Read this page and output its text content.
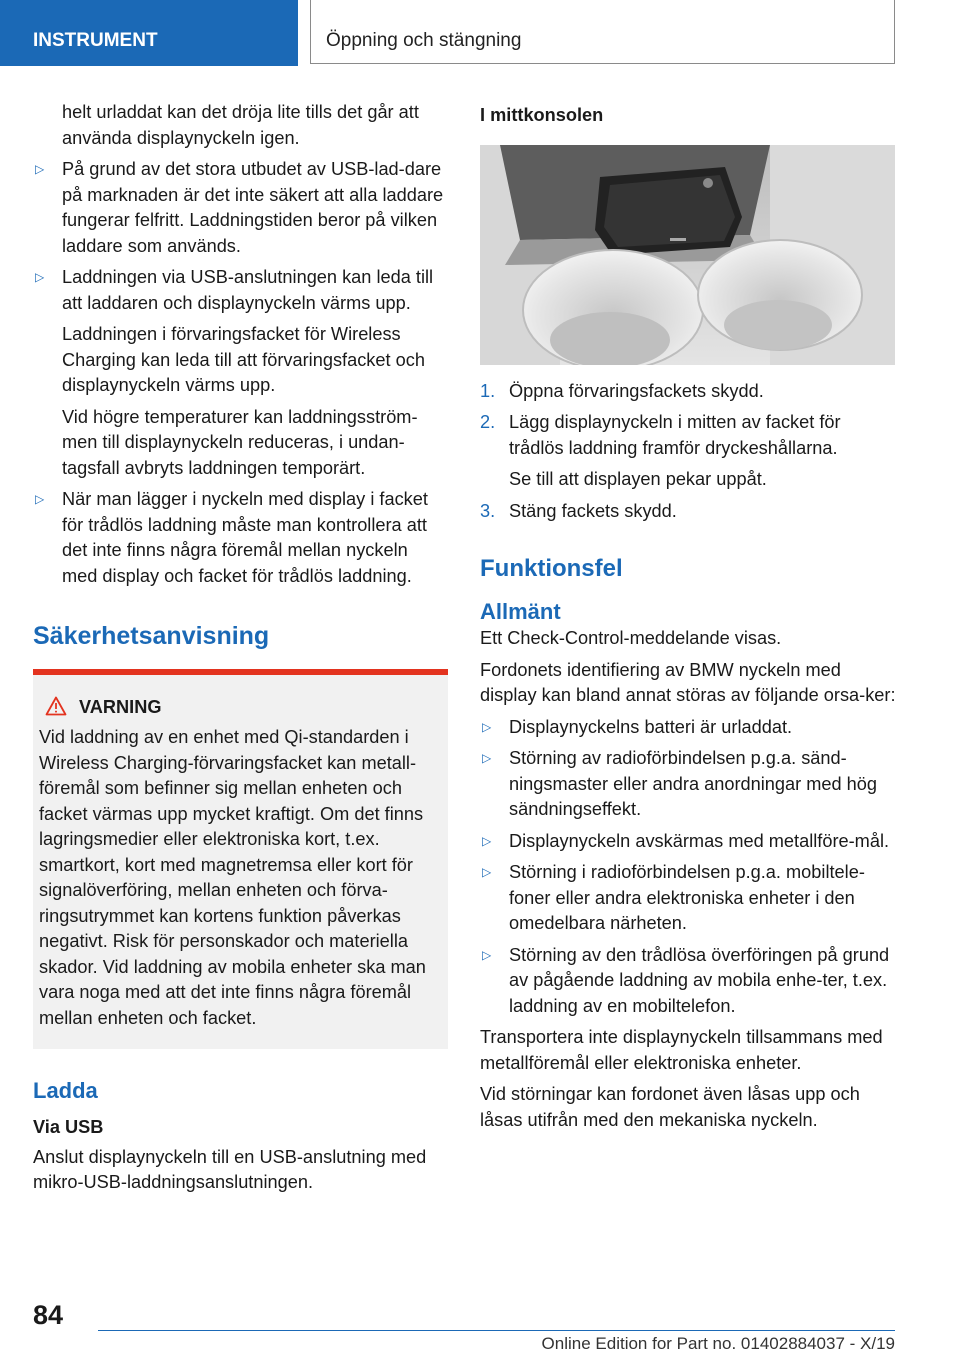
INSTRUMENT	Öppning och stängning

helt urladdat kan det dröja lite tills det går att använda displaynyckeln igen.

▷ På grund av det stora utbudet av USB-lad-dare på marknaden är det inte säkert att alla laddare fungerar felfritt. Laddningstiden beror på vilken laddare som används.
▷ Laddningen via USB-anslutningen kan leda till att laddaren och displaynyckeln värms upp.

Laddningen i förvaringsfacket för Wireless Charging kan leda till att förvaringsfacket och displaynyckeln värms upp.

Vid högre temperaturer kan laddningsström-men till displaynyckeln reduceras, i undan-tagsfall avbryts laddningen temporärt.

▷ När man lägger i nyckeln med display i facket för trådlös laddning måste man kontrollera att det inte finns några föremål mellan nyckeln med display och facket för trådlös laddning.
Säkerhetsanvisning
VARNING
Vid laddning av en enhet med Qi-standarden i Wireless Charging-förvaringsfacket kan metall-föremål som befinner sig mellan enheten och facket värmas upp mycket kraftigt. Om det finns lagringsmedier eller elektroniska kort, t.ex. smartkort, kort med magnetremsa eller kort för signalöverföring, mellan enheten och förva-ringsutrymmet kan kortens funktion påverkas negativt. Risk för personskador och materiella skador. Vid laddning av mobila enheter ska man vara noga med att det inte finns några föremål mellan enheten och facket.
Ladda
Via USB

Anslut displaynyckeln till en USB-anslutning med mikro-USB-laddningsanslutningen.

I mittkonsolen
1. Öppna förvaringsfackets skydd.
2. Lägg displaynyckeln i mitten av facket för trådlös laddning framför dryckeshållarna.

Se till att displayen pekar uppåt.

3. Stäng fackets skydd.
Funktionsfel
Allmänt

Ett Check-Control-meddelande visas.

Fordonets identifiering av BMW nyckeln med display kan bland annat störas av följande orsa-ker:

▷ Displaynyckelns batteri är urladdat.
▷ Störning av radioförbindelsen p.g.a. sänd-ningsmaster eller andra anordningar med hög sändningseffekt.
▷ Displaynyckeln avskärmas med metallföre-mål.
▷ Störning i radioförbindelsen p.g.a. mobiltele-foner eller andra elektroniska enheter i den omedelbara närheten.
▷ Störning av den trådlösa överföringen på grund av pågående laddning av mobila enhe-ter, t.ex. laddning av en mobiltelefon.

Transportera inte displaynyckeln tillsammans med metallföremål eller elektroniska enheter.

Vid störningar kan fordonet även låsas upp och låsas utifrån med den mekaniska nyckeln.

84
Online Edition for Part no. 01402884037 - X/19
